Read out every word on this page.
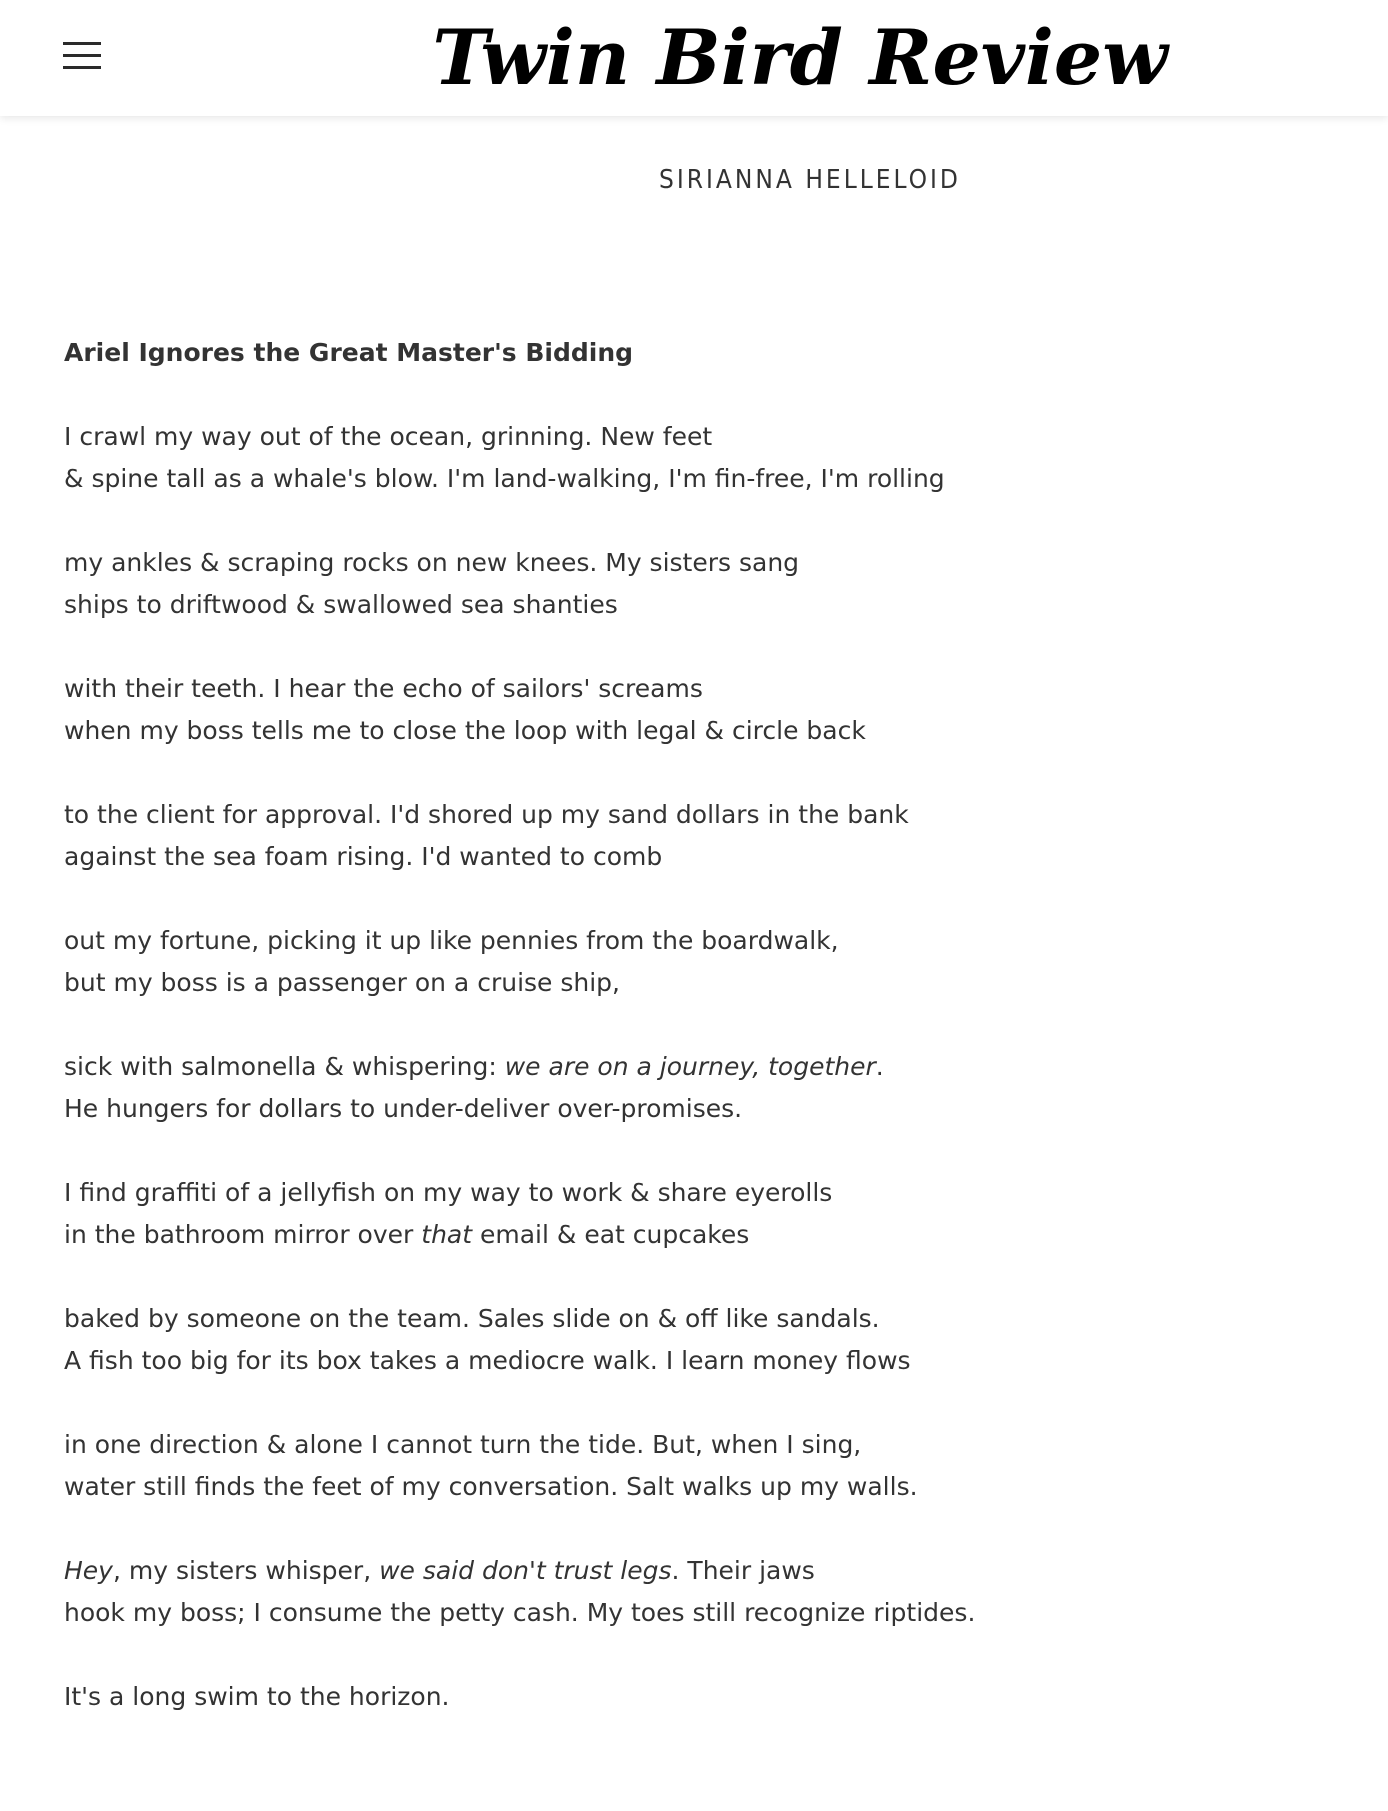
Twin Bird Review
SIRIANNA HELLELOID
Ariel Ignores the Great Master's Bidding
I crawl my way out of the ocean, grinning. New feet
& spine tall as a whale's blow. I'm land-walking, I'm fin-free, I'm rolling
my ankles & scraping rocks on new knees. My sisters sang
ships to driftwood & swallowed sea shanties
with their teeth. I hear the echo of sailors' screams
when my boss tells me to close the loop with legal & circle back
to the client for approval. I'd shored up my sand dollars in the bank
against the sea foam rising. I'd wanted to comb
out my fortune, picking it up like pennies from the boardwalk,
but my boss is a passenger on a cruise ship,
sick with salmonella & whispering: we are on a journey, together.
He hungers for dollars to under-deliver over-promises.
I find graffiti of a jellyfish on my way to work & share eyerolls
in the bathroom mirror over that email & eat cupcakes
baked by someone on the team. Sales slide on & off like sandals.
A fish too big for its box takes a mediocre walk. I learn money flows
in one direction & alone I cannot turn the tide. But, when I sing,
water still finds the feet of my conversation. Salt walks up my walls.
Hey, my sisters whisper, we said don't trust legs. Their jaws
hook my boss; I consume the petty cash. My toes still recognize riptides.
It's a long swim to the horizon.
